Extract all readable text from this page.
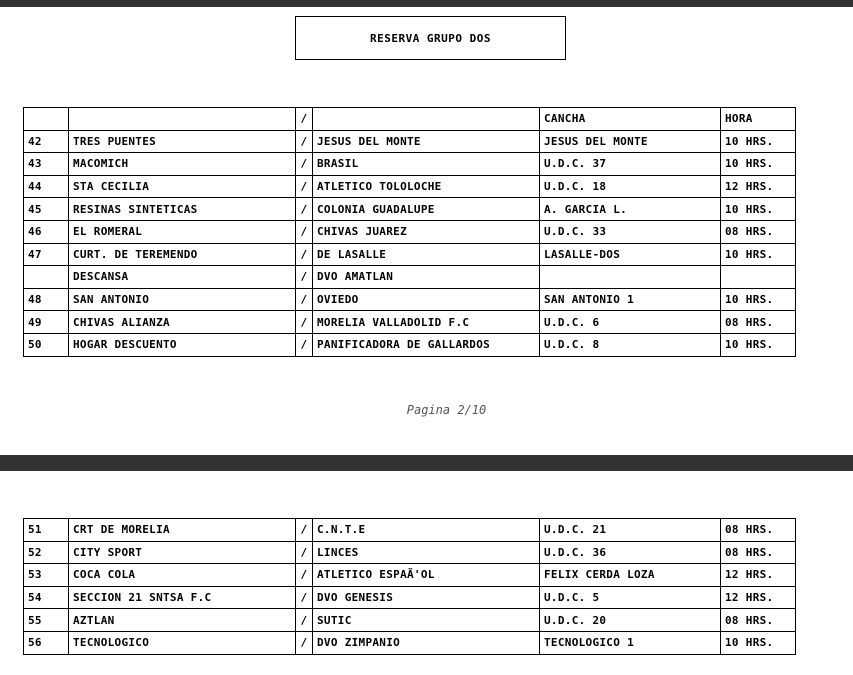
RESERVA GRUPO DOS
		/		CANCHA	HORA
42	TRES PUENTES	/	JESUS DEL MONTE	JESUS DEL MONTE	10 HRS.
43	MACOMICH	/	BRASIL	U.D.C. 37	10 HRS.
44	STA CECILIA	/	ATLETICO TOLOLOCHE	U.D.C. 18	12 HRS.
45	RESINAS SINTETICAS	/	COLONIA GUADALUPE	A. GARCIA L.	10 HRS.
46	EL ROMERAL	/	CHIVAS JUAREZ	U.D.C. 33	08 HRS.
47	CURT. DE TEREMENDO	/	DE LASALLE	LASALLE-DOS	10 HRS.
	DESCANSA	/	DVO AMATLAN		
48	SAN ANTONIO	/	OVIEDO	SAN ANTONIO 1	10 HRS.
49	CHIVAS ALIANZA	/	MORELIA VALLADOLID F.C	U.D.C. 6	08 HRS.
50	HOGAR DESCUENTO	/	PANIFICADORA DE GALLARDOS	U.D.C. 8	10 HRS.
Pagina 2/10
51	CRT DE MORELIA	/	C.N.T.E	U.D.C. 21	08 HRS.
52	CITY SPORT	/	LINCES	U.D.C. 36	08 HRS.
53	COCA COLA	/	ATLETICO ESPAÃ'OL	FELIX CERDA LOZA	12 HRS.
54	SECCION 21 SNTSA F.C	/	DVO GENESIS	U.D.C. 5	12 HRS.
55	AZTLAN	/	SUTIC	U.D.C. 20	08 HRS.
56	TECNOLOGICO	/	DVO ZIMPANIO	TECNOLOGICO 1	10 HRS.
